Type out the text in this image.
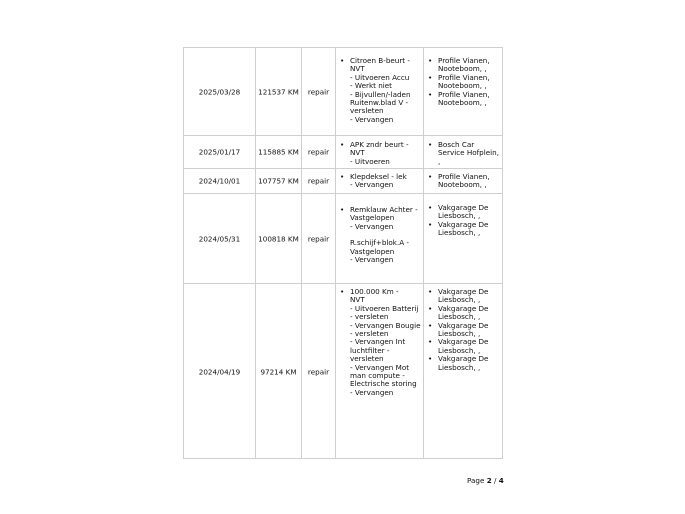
2025/03/28	121537 KM	repair
• Citroen B-beurt -
NVT
- Uitvoeren Accu
- Werkt niet
- Bijvullen/-laden
Ruitenw.blad V -
versleten
- Vervangen
• Profile Vianen,
Nooteboom, ,
• Profile Vianen,
Nooteboom, ,
• Profile Vianen,
Nooteboom, ,
2025/01/17	115885 KM	repair
• APK zndr beurt -
NVT
- Uitvoeren
• Bosch Car
Service Hofplein,
,
2024/10/01	107757 KM	repair
•	Klepdeksel - lek
- Vervangen
• Profile Vianen,
Nooteboom, ,
2024/05/31	100818 KM	repair
• Remklauw Achter -
Vastgelopen
- Vervangen
R.schijf+blok.A -
Vastgelopen
- Vervangen
• Vakgarage De
Liesbosch, ,
• Vakgarage De
Liesbosch, ,
2024/04/19	97214 KM	repair
• 100.000 Km -
NVT
- Uitvoeren Batterij
- versleten
- Vervangen Bougie
- versleten
- Vervangen Int
luchtfilter -
versleten
- Vervangen Mot
man compute -
Electrische storing
- Vervangen
• Vakgarage De
Liesbosch, ,
• Vakgarage De
Liesbosch, ,
• Vakgarage De
Liesbosch, ,
• Vakgarage De
Liesbosch, ,
• Vakgarage De
Liesbosch, ,
Page 2 / 4
